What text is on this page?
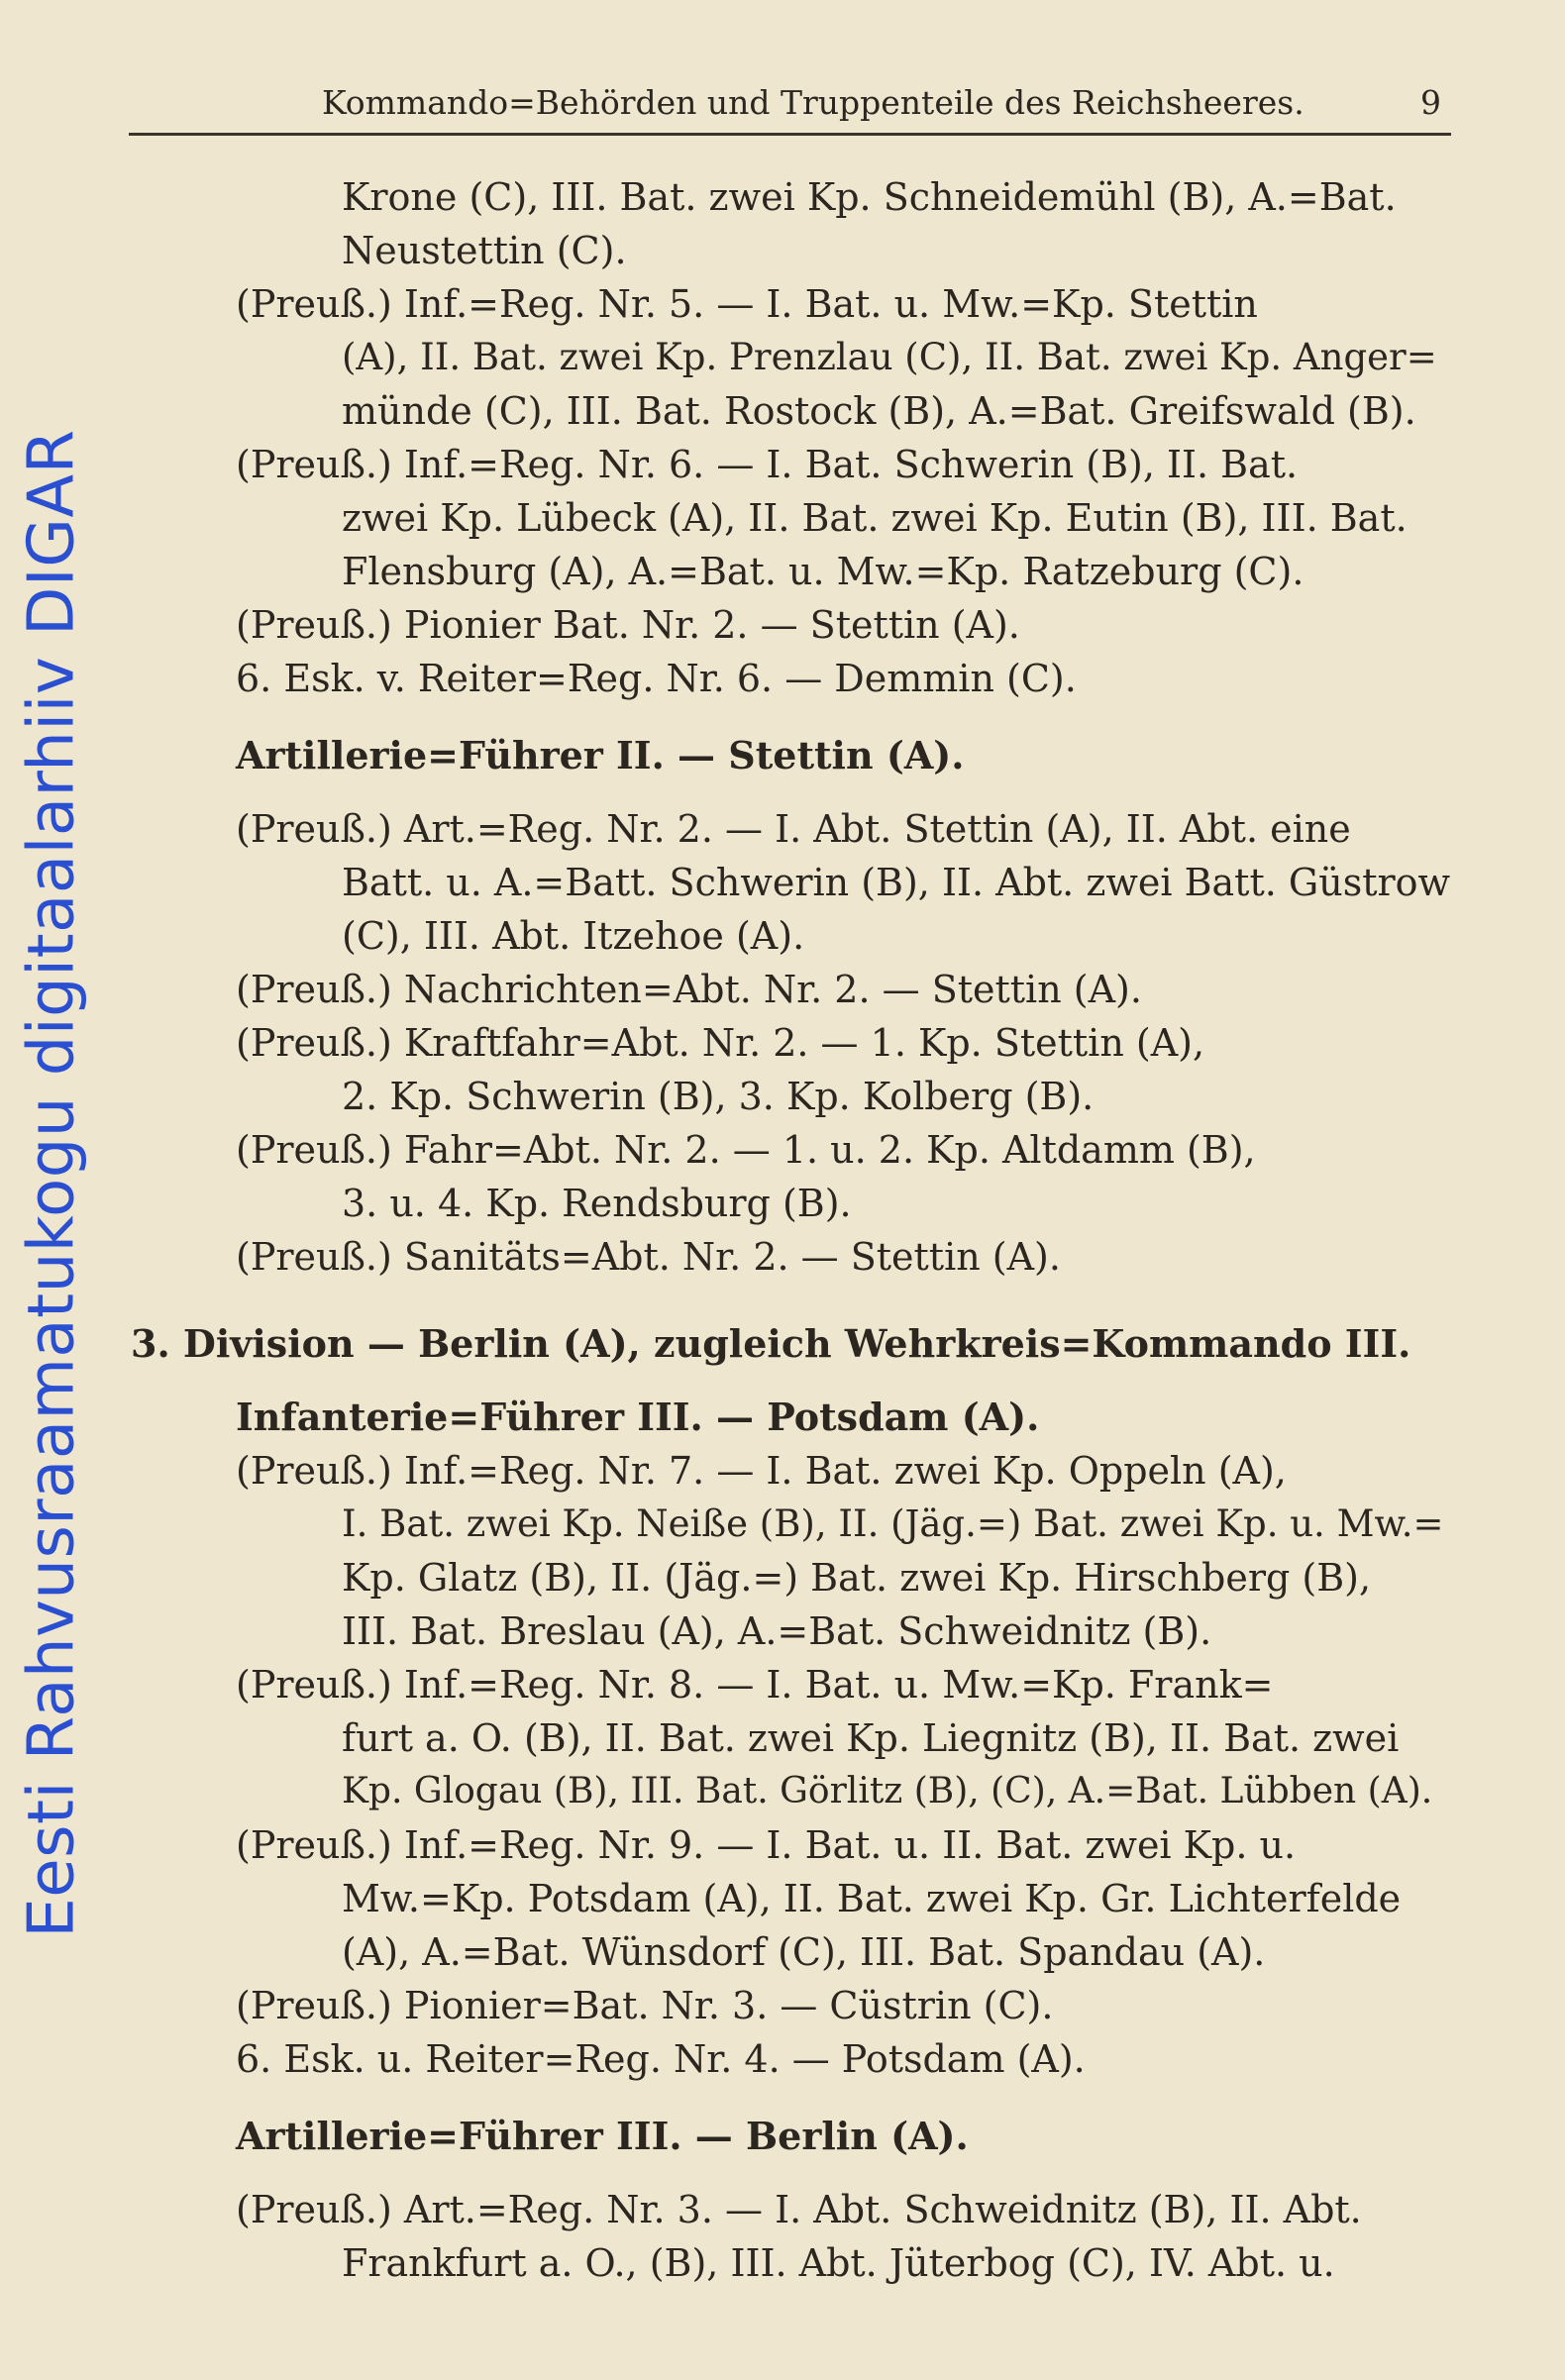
Eesti Rahvusraamatukogu digitaalarhiiv DIGAR
Kommando=Behörden und Truppenteile des Reichsheeres.	9
Krone (C), III. Bat. zwei Kp. Schneidemühl (B), A.=Bat.
Neustettin (C).
(Preuß.) Inf.=Reg. Nr. 5. — I. Bat. u. Mw.=Kp. Stettin
(A), II. Bat. zwei Kp. Prenzlau (C), II. Bat. zwei Kp. Anger=
münde (C), III. Bat. Rostock (B), A.=Bat. Greifswald (B).
(Preuß.) Inf.=Reg. Nr. 6. — I. Bat. Schwerin (B), II. Bat.
zwei Kp. Lübeck (A), II. Bat. zwei Kp. Eutin (B), III. Bat.
Flensburg (A), A.=Bat. u. Mw.=Kp. Ratzeburg (C).
(Preuß.) Pionier Bat. Nr. 2. — Stettin (A).
6. Esk. v. Reiter=Reg. Nr. 6. — Demmin (C).
Artillerie=Führer II. — Stettin (A).
(Preuß.) Art.=Reg. Nr. 2. — I. Abt. Stettin (A), II. Abt. eine
Batt. u. A.=Batt. Schwerin (B), II. Abt. zwei Batt. Güstrow
(C), III. Abt. Itzehoe (A).
(Preuß.) Nachrichten=Abt. Nr. 2. — Stettin (A).
(Preuß.) Kraftfahr=Abt. Nr. 2. — 1. Kp. Stettin (A),
2. Kp. Schwerin (B), 3. Kp. Kolberg (B).
(Preuß.) Fahr=Abt. Nr. 2. — 1. u. 2. Kp. Altdamm (B),
3. u. 4. Kp. Rendsburg (B).
(Preuß.) Sanitäts=Abt. Nr. 2. — Stettin (A).
3. Division — Berlin (A), zugleich Wehrkreis=Kommando III.
Infanterie=Führer III. — Potsdam (A).
(Preuß.) Inf.=Reg. Nr. 7. — I. Bat. zwei Kp. Oppeln (A),
I. Bat. zwei Kp. Neiße (B), II. (Jäg.=) Bat. zwei Kp. u. Mw.=
Kp. Glatz (B), II. (Jäg.=) Bat. zwei Kp. Hirschberg (B),
III. Bat. Breslau (A), A.=Bat. Schweidnitz (B).
(Preuß.) Inf.=Reg. Nr. 8. — I. Bat. u. Mw.=Kp. Frank=
furt a. O. (B), II. Bat. zwei Kp. Liegnitz (B), II. Bat. zwei
Kp. Glogau (B), III. Bat. Görlitz (B), (C), A.=Bat. Lübben (A).
(Preuß.) Inf.=Reg. Nr. 9. — I. Bat. u. II. Bat. zwei Kp. u.
Mw.=Kp. Potsdam (A), II. Bat. zwei Kp. Gr. Lichterfelde
(A), A.=Bat. Wünsdorf (C), III. Bat. Spandau (A).
(Preuß.) Pionier=Bat. Nr. 3. — Cüstrin (C).
6. Esk. u. Reiter=Reg. Nr. 4. — Potsdam (A).
Artillerie=Führer III. — Berlin (A).
(Preuß.) Art.=Reg. Nr. 3. — I. Abt. Schweidnitz (B), II. Abt.
Frankfurt a. O., (B), III. Abt. Jüterbog (C), IV. Abt. u.
